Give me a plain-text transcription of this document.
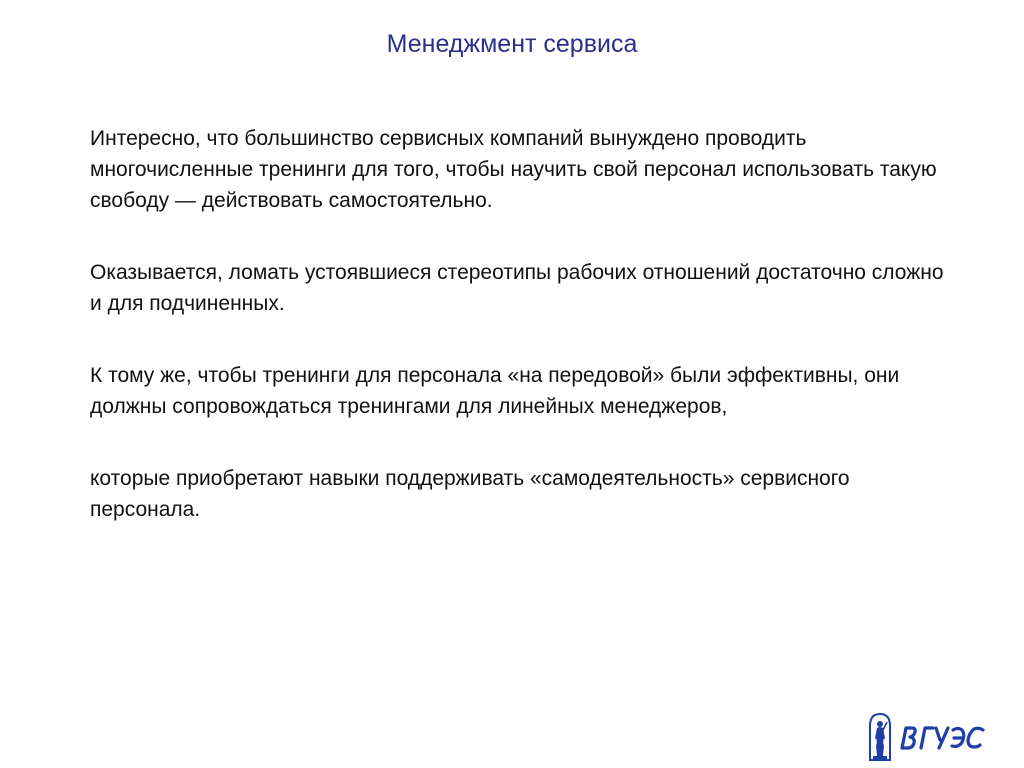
Менеджмент сервиса

Интересно, что большинство сервисных компаний вынуждено проводить многочисленные тренинги для того, чтобы научить свой персонал использовать такую свободу — действовать самостоятельно.

Оказывается, ломать устоявшиеся стереотипы рабочих отношений достаточно сложно и для подчиненных.

К тому же, чтобы тренинги для персонала «на передовой» были эффективны, они должны сопровождаться тренингами для линейных менеджеров,

которые приобретают навыки поддерживать «самодеятельность» сервисного персонала.
